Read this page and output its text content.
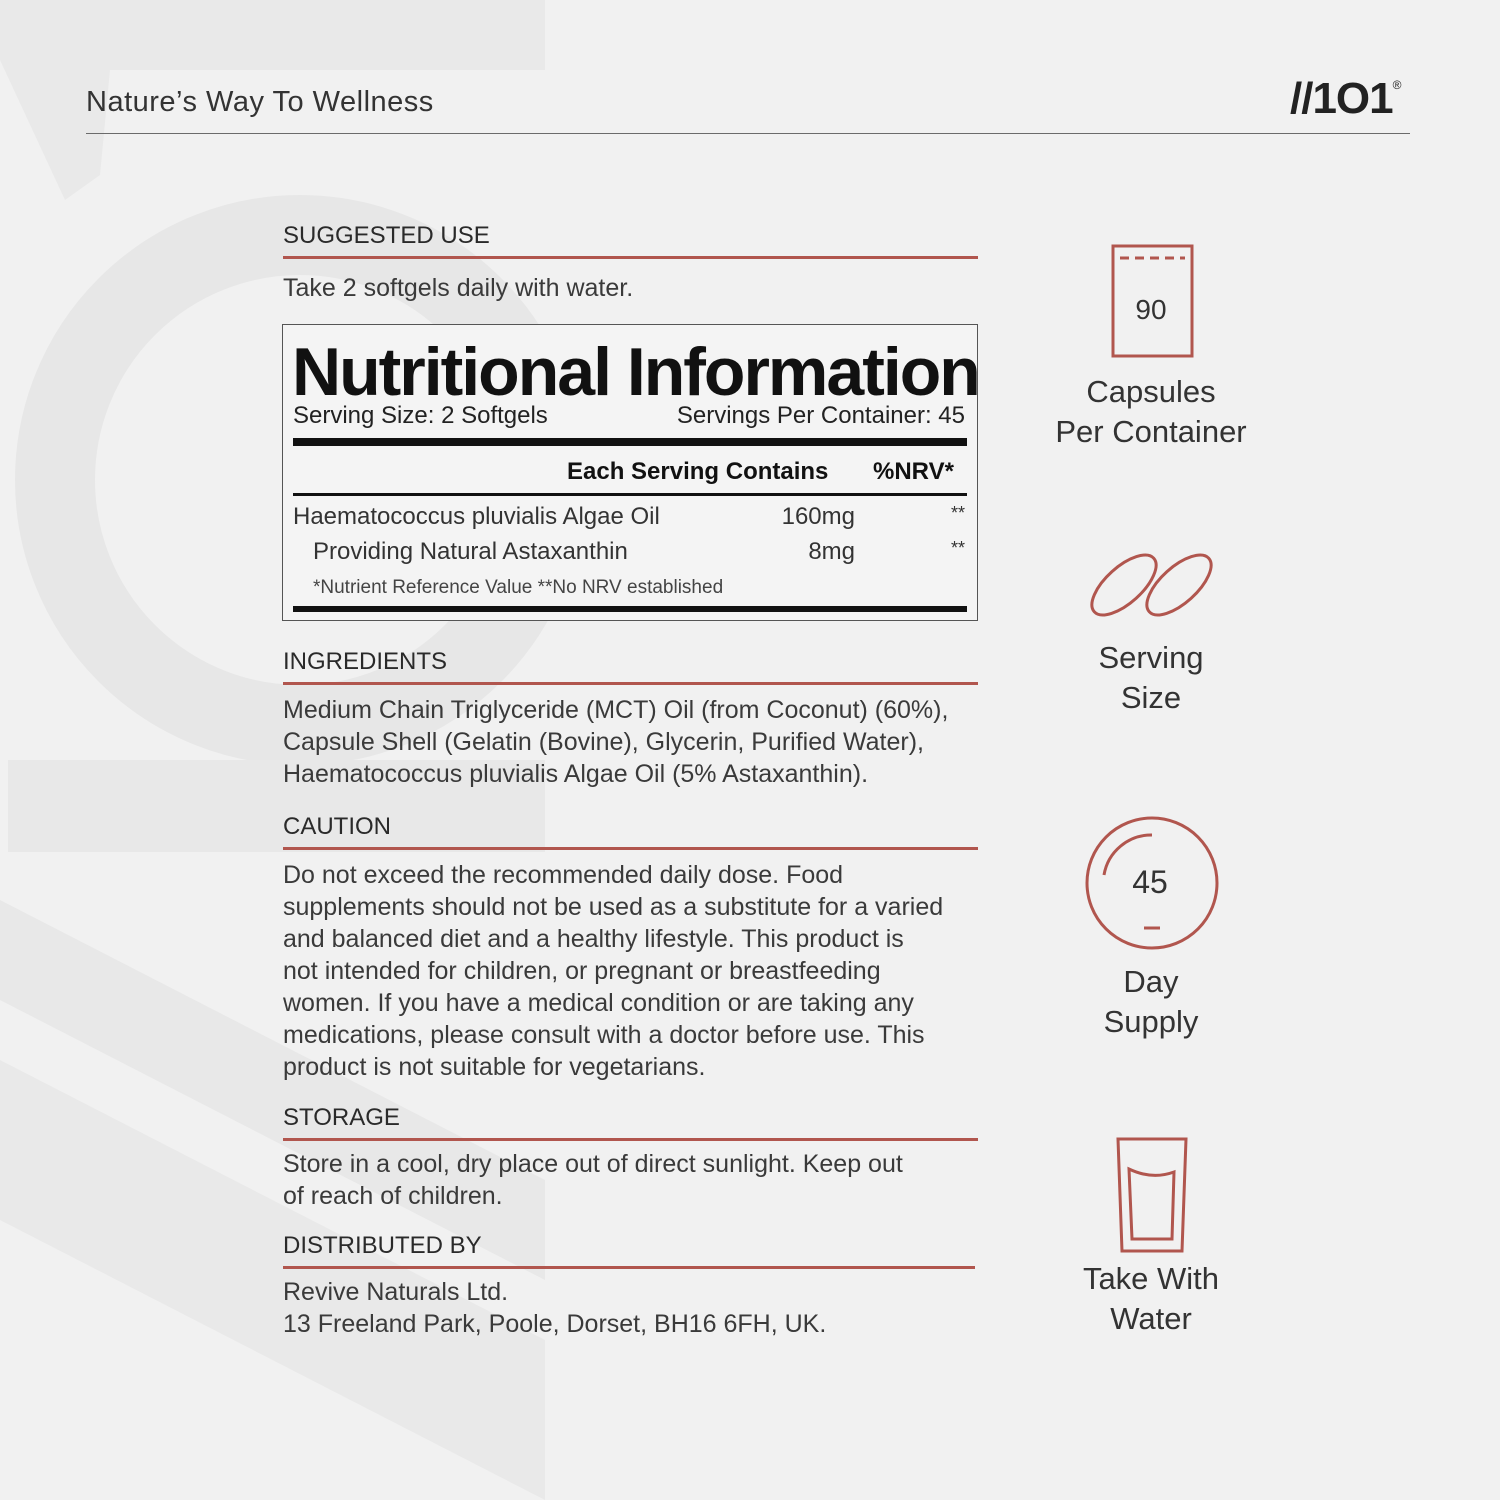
Nature’s Way To Wellness	//1O1®
SUGGESTED USE
Take 2 softgels daily with water.
Nutritional Information
Serving Size: 2 Softgels	Servings Per Container: 45
Each Serving Contains %NRV*
Haematococcus pluvialis Algae Oil	160mg	**
Providing Natural Astaxanthin	8mg	**
*Nutrient Reference Value **No NRV established
INGREDIENTS
Medium Chain Triglyceride (MCT) Oil (from Coconut) (60%),
Capsule Shell (Gelatin (Bovine), Glycerin, Purified Water),
Haematococcus pluvialis Algae Oil (5% Astaxanthin).
CAUTION
Do not exceed the recommended daily dose. Food
supplements should not be used as a substitute for a varied
and balanced diet and a healthy lifestyle. This product is
not intended for children, or pregnant or breastfeeding
women. If you have a medical condition or are taking any
medications, please consult with a doctor before use. This
product is not suitable for vegetarians.
STORAGE
Store in a cool, dry place out of direct sunlight. Keep out
of reach of children.
DISTRIBUTED BY
Revive Naturals Ltd.
13 Freeland Park, Poole, Dorset, BH16 6FH, UK.
90
Capsules
Per Container
Serving
Size
45
Day
Supply
Take With
Water
